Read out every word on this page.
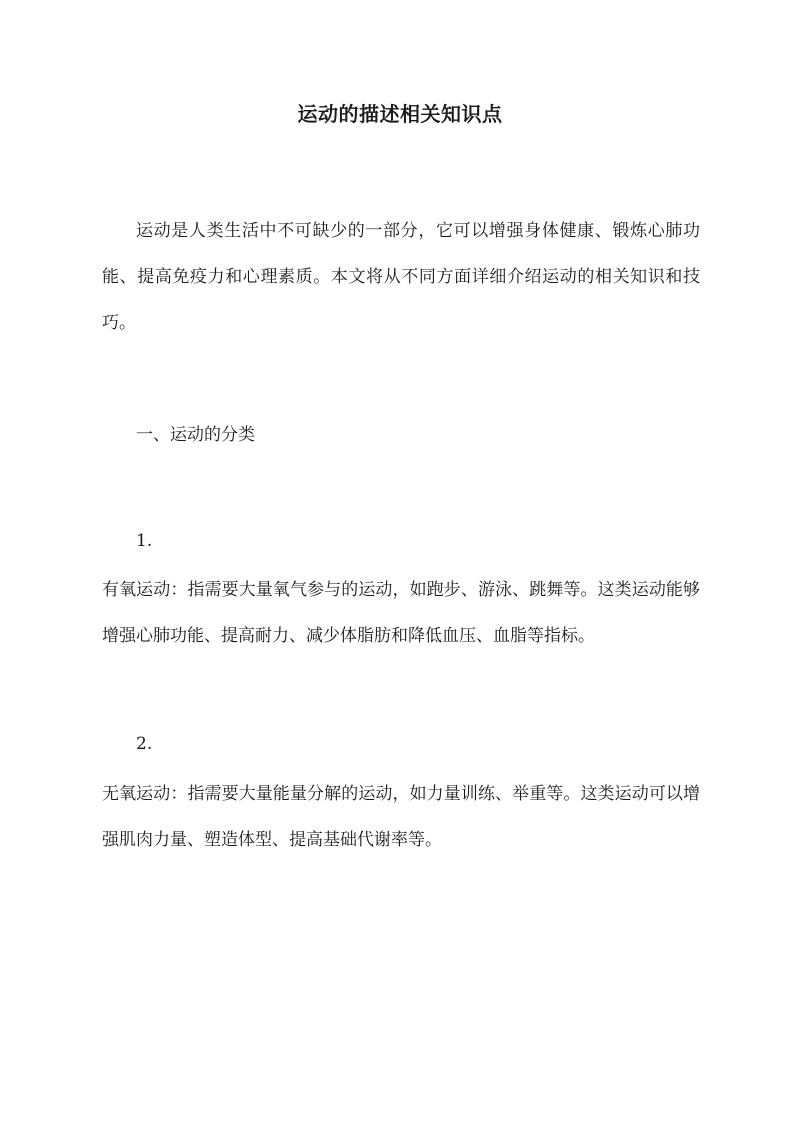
运动的描述相关知识点

运动是人类生活中不可缺少的一部分，它可以增强身体健康、锻炼心肺功能、提高免疫力和心理素质。本文将从不同方面详细介绍运动的相关知识和技巧。

一、运动的分类

1.

有氧运动：指需要大量氧气参与的运动，如跑步、游泳、跳舞等。这类运动能够增强心肺功能、提高耐力、减少体脂肪和降低血压、血脂等指标。

2.

无氧运动：指需要大量能量分解的运动，如力量训练、举重等。这类运动可以增强肌肉力量、塑造体型、提高基础代谢率等。
